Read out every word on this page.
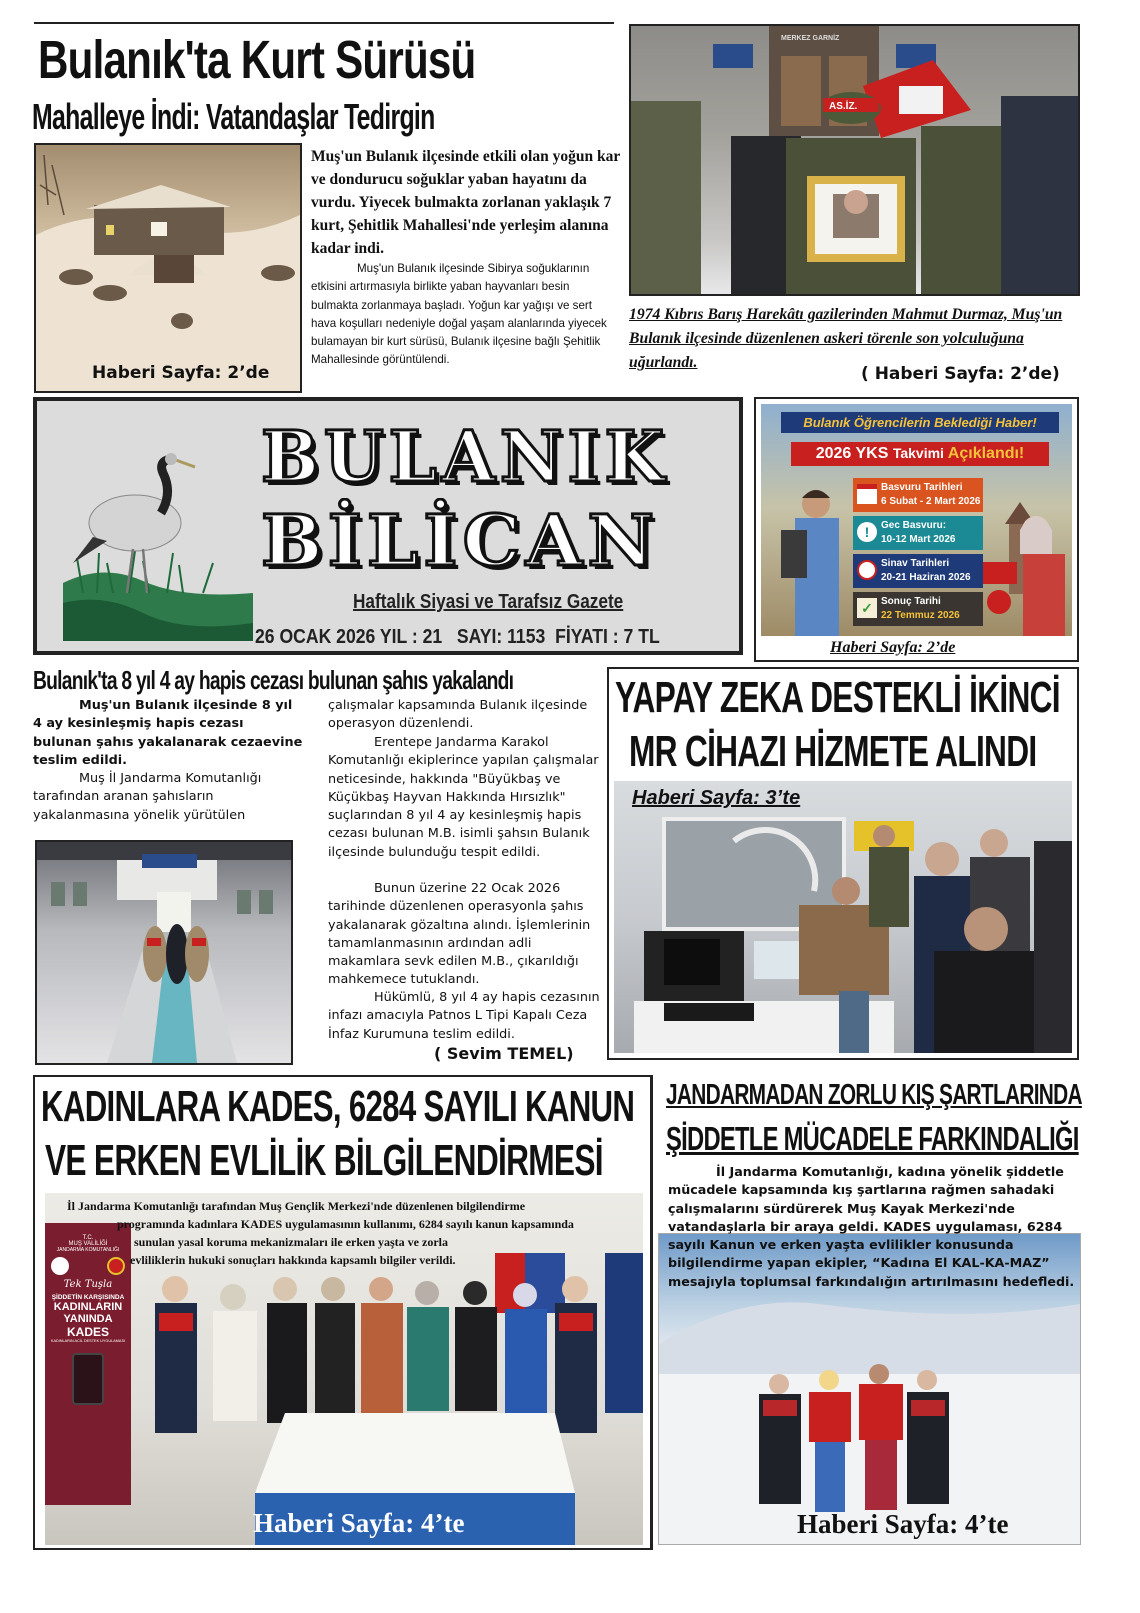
Bulanık'ta Kurt Sürüsü
Mahalleye İndi: Vatandaşlar Tedirgin
Haberi Sayfa: 2’de
Muş'un Bulanık ilçesinde etkili olan yoğun kar ve dondurucu soğuklar yaban hayatını da vurdu. Yiyecek bulmakta zorlanan yaklaşık 7 kurt, Şehitlik Mahallesi'nde yerleşim alanına kadar indi.
Muş'un Bulanık ilçesinde Sibirya soğuklarının etkisini artırmasıyla birlikte yaban hayvanları besin bulmakta zorlanmaya başladı. Yoğun kar yağışı ve sert hava koşulları nedeniyle doğal yaşam alanlarında yiyecek bulamayan bir kurt sürüsü, Bulanık ilçesine bağlı Şehitlik Mahallesinde görüntülendi.
AS.İZ.
MERKEZ GARNİZ
1974 Kıbrıs Barış Harekâtı gazilerinden Mahmut Durmaz, Muş'un Bulanık ilçesinde düzenlenen askeri törenle son yolculuğuna uğurlandı.
( Haberi Sayfa: 2’de)
BULANIK
BİLİCAN
Haftalık Siyasi ve Tarafsız Gazete
26 OCAK 2026 YIL : 21 SAYI: 1153 FİYATI : 7 TL
Bulanık Öğrencilerin Beklediği Haber!
2026 YKS Takvimi Açıklandı!
Basvuru Tarihleri
6 Subat - 2 Mart 2026
!	Gec Basvuru:
10-12 Mart 2026
Sinav Tarihleri
20-21 Haziran 2026
✓ Sonuç Tarihi
22 Temmuz 2026
Haberi Sayfa: 2’de
Bulanık'ta 8 yıl 4 ay hapis cezası bulunan şahıs yakalandı
Muş'un Bulanık ilçesinde 8 yıl 4 ay kesinleşmiş hapis cezası bulunan şahıs yakalanarak cezaevine teslim edildi.
Muş İl Jandarma Komutanlığı tarafından aranan şahısların yakalanmasına yönelik yürütülen
çalışmalar kapsamında Bulanık ilçesinde operasyon düzenlendi.
Erentepe Jandarma Karakol Komutanlığı ekiplerince yapılan çalışmalar neticesinde, hakkında "Büyükbaş ve Küçükbaş Hayvan Hakkında Hırsızlık" suçlarından 8 yıl 4 ay kesinleşmiş hapis cezası bulunan M.B. isimli şahsın Bulanık ilçesinde bulunduğu tespit edildi.
Bunun üzerine 22 Ocak 2026 tarihinde düzenlenen operasyonla şahıs yakalanarak gözaltına alındı. İşlemlerinin tamamlanmasının ardından adli makamlara sevk edilen M.B., çıkarıldığı mahkemece tutuklandı.
Hükümlü, 8 yıl 4 ay hapis cezasının infazı amacıyla Patnos L Tipi Kapalı Ceza İnfaz Kurumuna teslim edildi.
( Sevim TEMEL)
YAPAY ZEKA DESTEKLİ İKİNCİ
MR CİHAZI HİZMETE ALINDI
Haberi Sayfa: 3’te
KADINLARA KADES, 6284 SAYILI KANUN
VE ERKEN EVLİLİK BİLGİLENDİRMESİ
T.C.
MUŞ VALİLİĞİ
JANDARMA KOMUTANLIĞI
Tek Tuşla
ŞİDDETİN KARŞISINDA
KADINLARIN
YANINDA
KADES
KADINLARIN ACİL DESTEK UYGULAMASI
İl Jandarma Komutanlığı tarafından Muş Gençlik Merkezi'nde düzenlenen bilgilendirme
programında kadınlara KADES uygulamasının kullanımı, 6284 sayılı kanun kapsamında
sunulan yasal koruma mekanizmaları ile erken yaşta ve zorla
evliliklerin hukuki sonuçları hakkında kapsamlı bilgiler verildi.
Haberi Sayfa: 4’te
JANDARMADAN ZORLU KIŞ ŞARTLARINDA
ŞİDDETLE MÜCADELE FARKINDALIĞI
Haberi Sayfa: 4’te
İl Jandarma Komutanlığı, kadına yönelik şiddetle mücadele kapsamında kış şartlarına rağmen sahadaki çalışmalarını sürdürerek Muş Kayak Merkezi'nde vatandaşlarla bir araya geldi. KADES uygulaması, 6284 sayılı Kanun ve erken yaşta evlilikler konusunda bilgilendirme yapan ekipler, “Kadına El KAL-KA-MAZ” mesajıyla toplumsal farkındalığın artırılmasını hedefledi.
